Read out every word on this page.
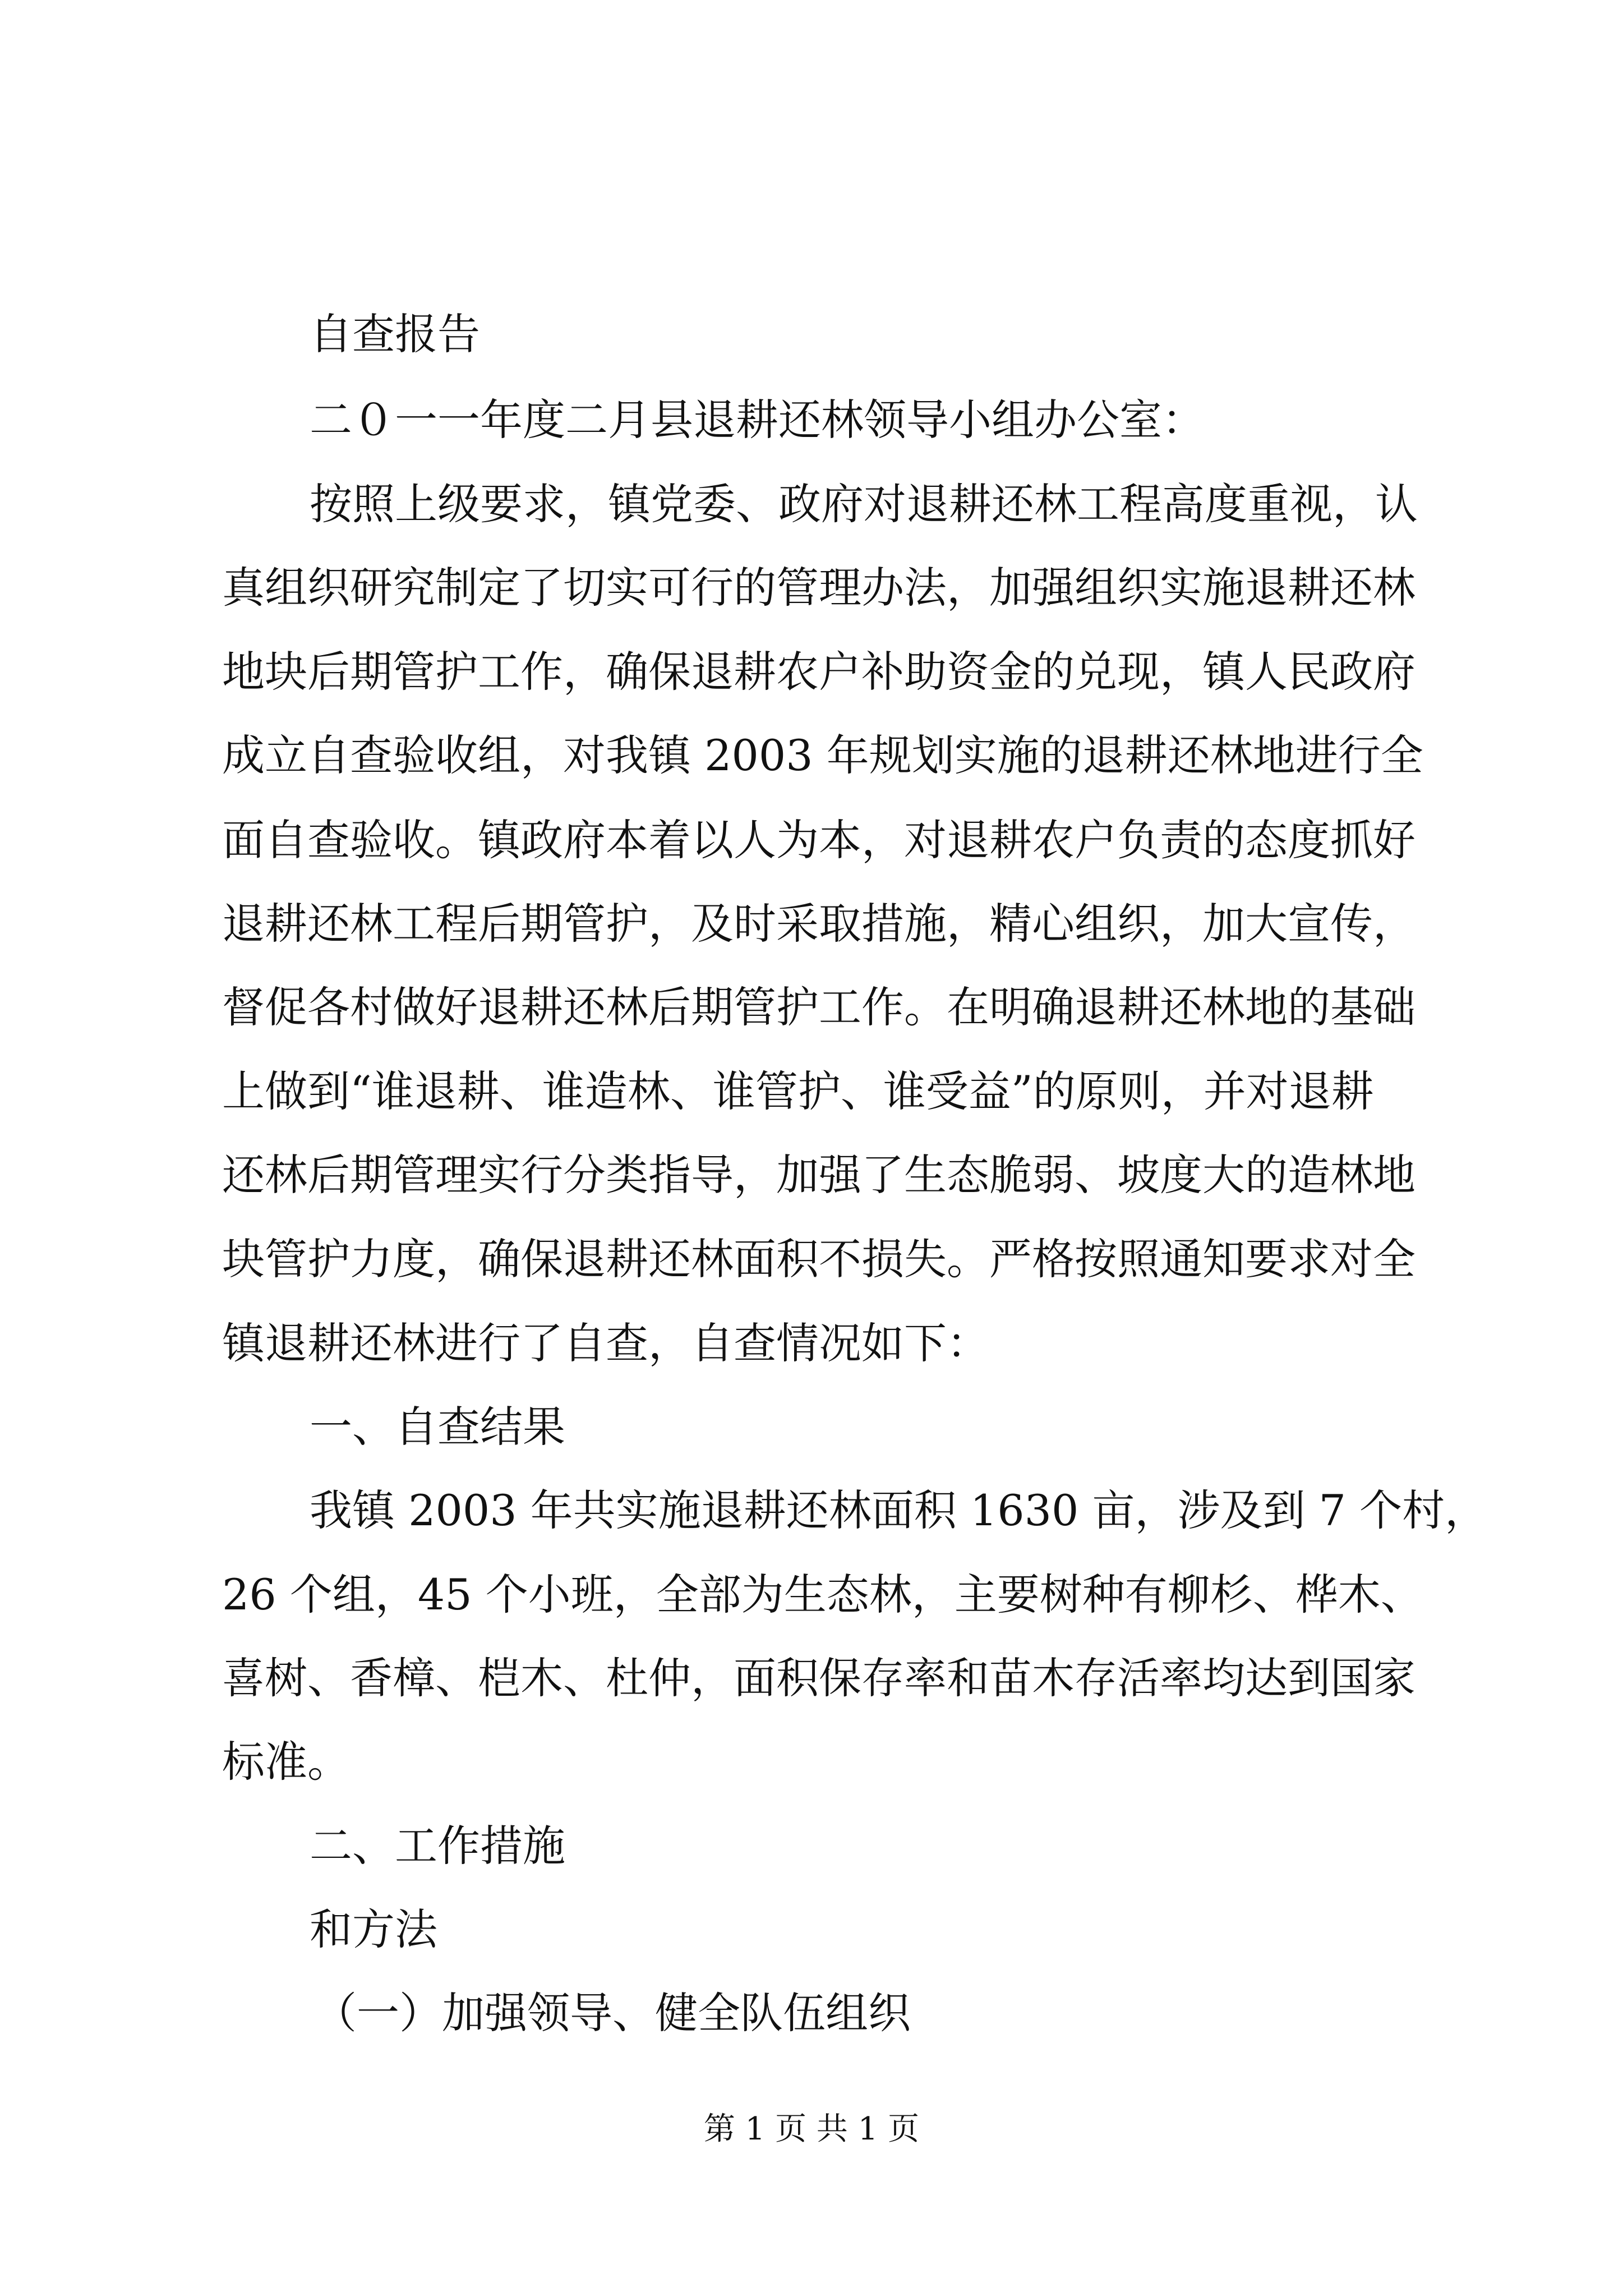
自查报告
二０一一年度二月县退耕还林领导小组办公室：
按照上级要求，镇党委、政府对退耕还林工程高度重视，认
真组织研究制定了切实可行的管理办法，加强组织实施退耕还林
地块后期管护工作，确保退耕农户补助资金的兑现，镇人民政府
成立自查验收组，对我镇 2003 年规划实施的退耕还林地进行全
面自查验收。镇政府本着以人为本，对退耕农户负责的态度抓好
退耕还林工程后期管护，及时采取措施，精心组织，加大宣传，
督促各村做好退耕还林后期管护工作。在明确退耕还林地的基础
上做到“谁退耕、谁造林、谁管护、谁受益”的原则，并对退耕
还林后期管理实行分类指导，加强了生态脆弱、坡度大的造林地
块管护力度，确保退耕还林面积不损失。严格按照通知要求对全
镇退耕还林进行了自查，自查情况如下：
一、自查结果
我镇 2003 年共实施退耕还林面积 1630 亩，涉及到 7 个村，
26 个组，45 个小班，全部为生态林，主要树种有柳杉、桦木、
喜树、香樟、桤木、杜仲，面积保存率和苗木存活率均达到国家
标准。
二、工作措施
和方法
（一）加强领导、健全队伍组织
第 1 页 共 1 页
